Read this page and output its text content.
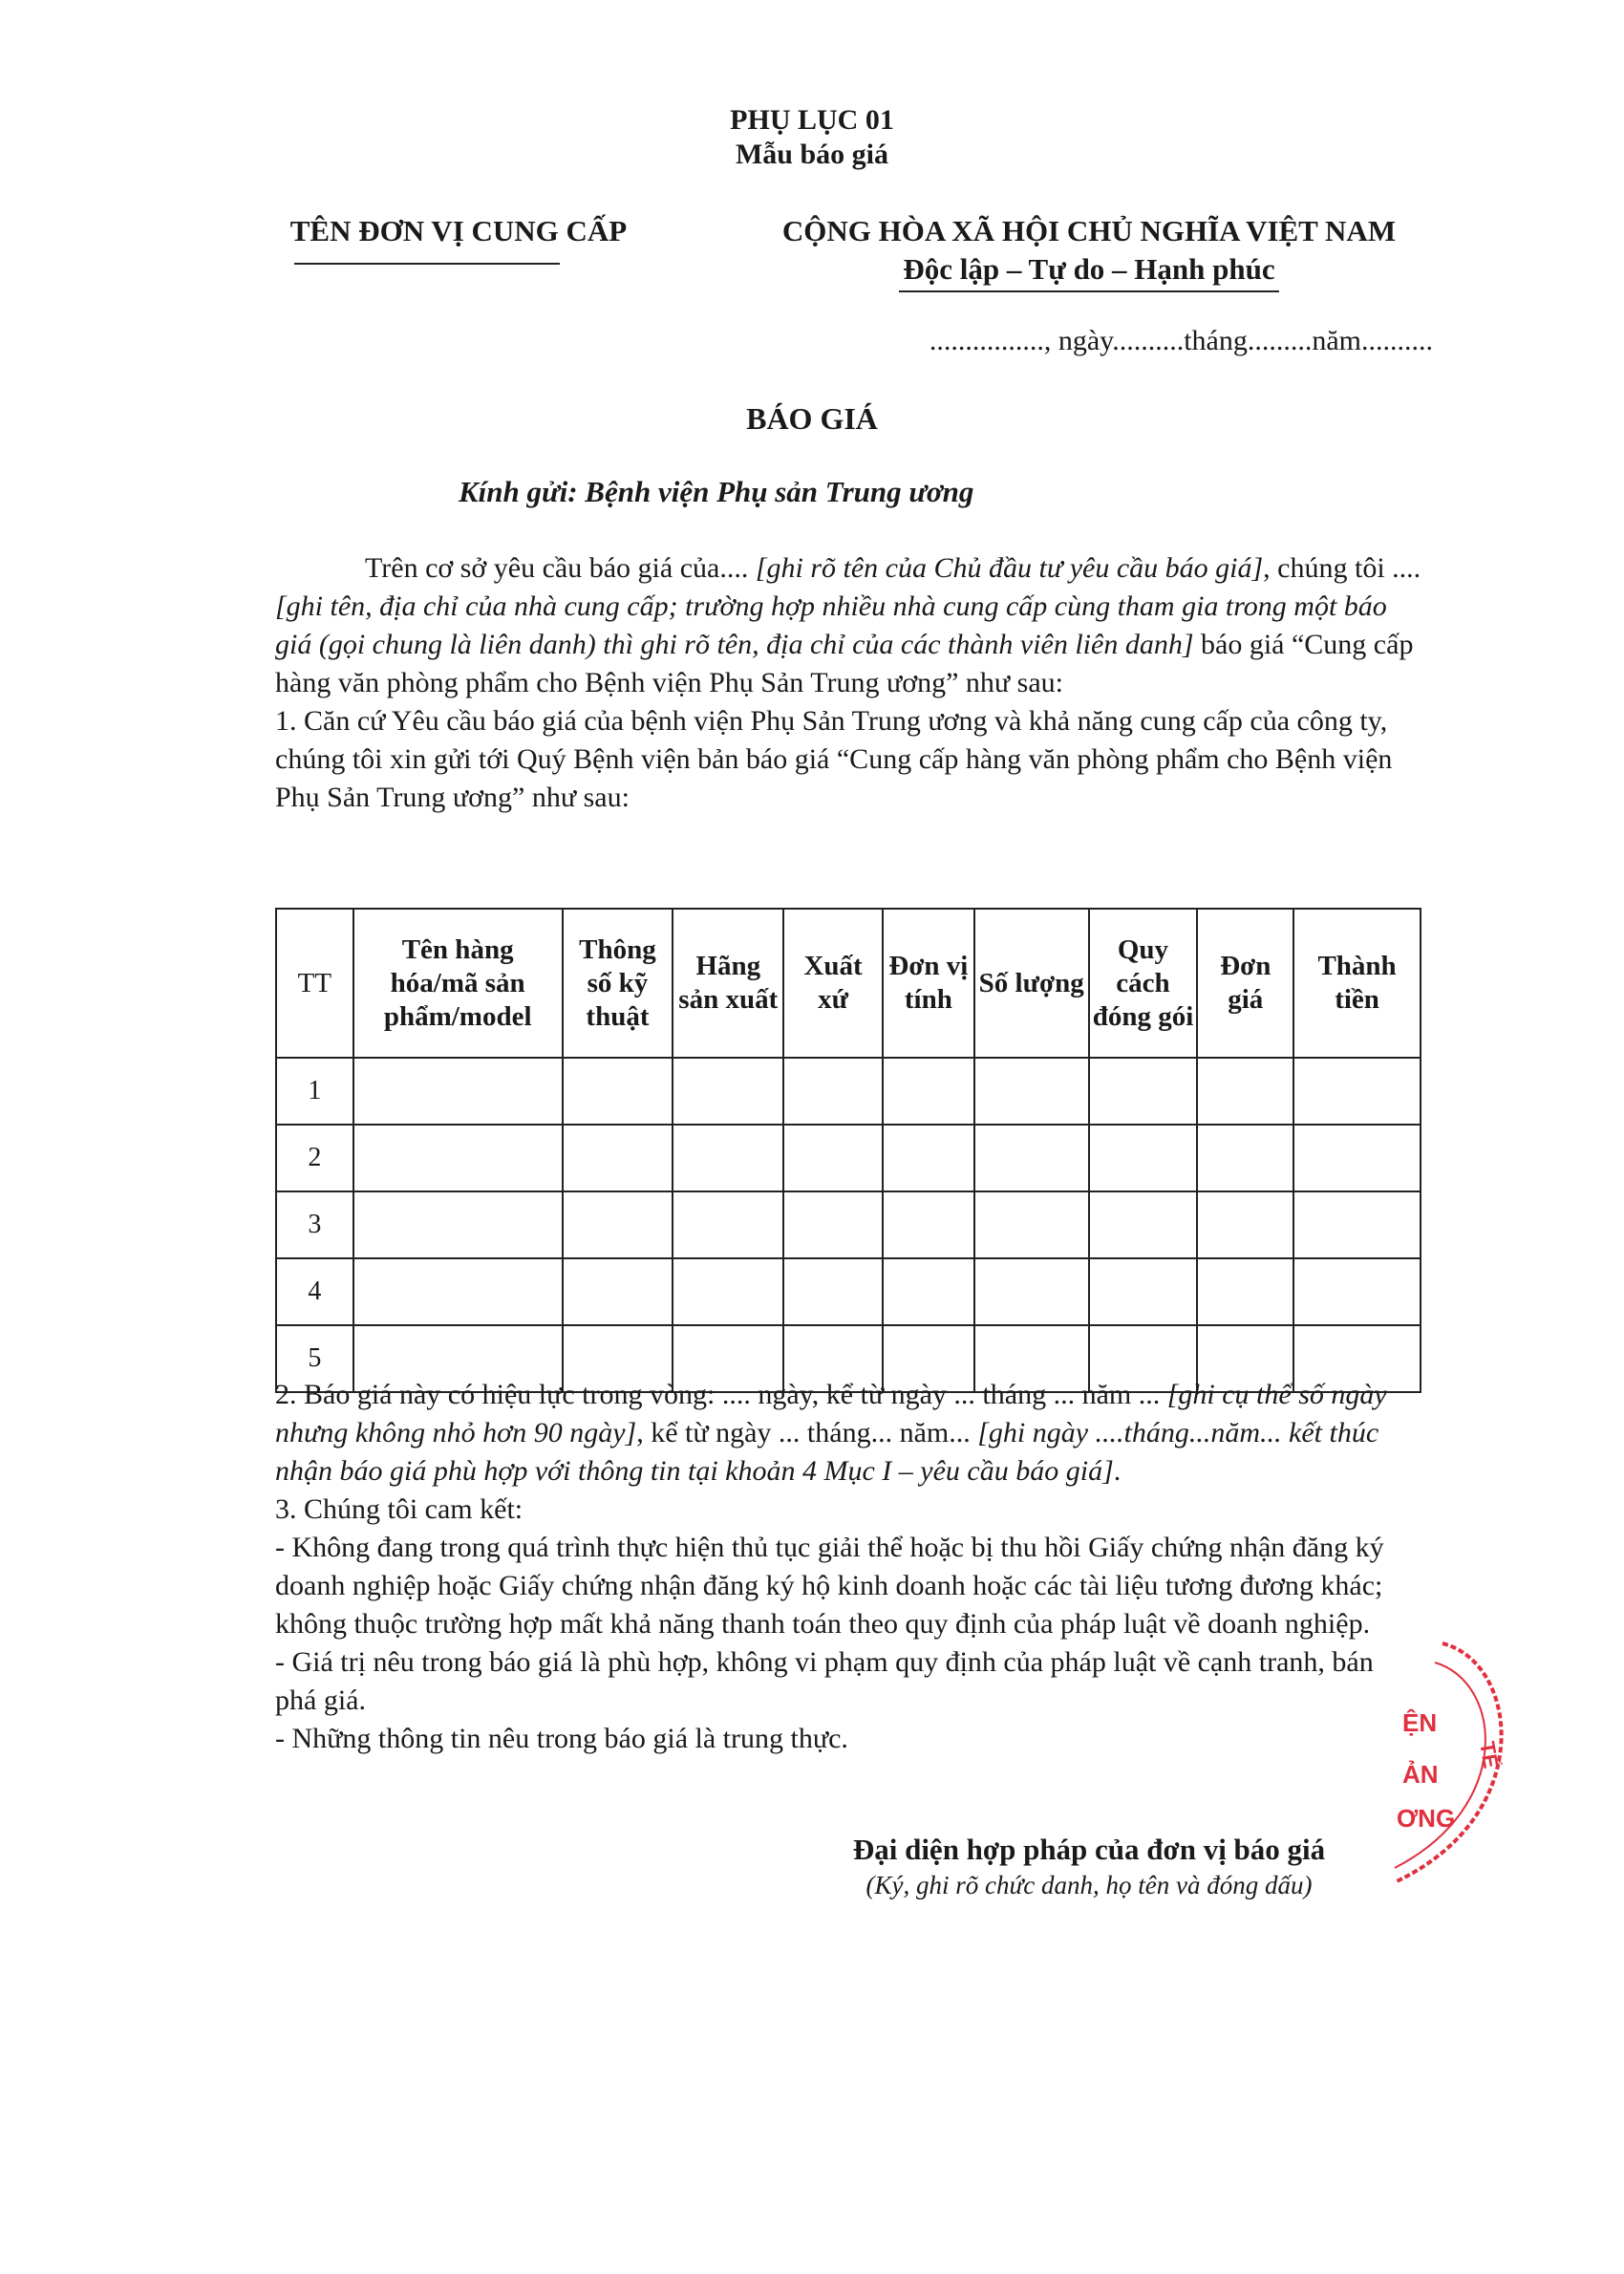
PHỤ LỤC 01
Mẫu báo giá
TÊN ĐƠN VỊ CUNG CẤP	CỘNG HÒA XÃ HỘI CHỦ NGHĨA VIỆT NAM
Độc lập – Tự do – Hạnh phúc
................, ngày..........tháng.........năm..........
BÁO GIÁ
Kính gửi: Bệnh viện Phụ sản Trung ương
Trên cơ sở yêu cầu báo giá của.... [ghi rõ tên của Chủ đầu tư yêu cầu báo giá], chúng tôi .... [ghi tên, địa chỉ của nhà cung cấp; trường hợp nhiều nhà cung cấp cùng tham gia trong một báo giá (gọi chung là liên danh) thì ghi rõ tên, địa chỉ của các thành viên liên danh] báo giá “Cung cấp hàng văn phòng phẩm cho Bệnh viện Phụ Sản Trung ương” như sau:
1. Căn cứ Yêu cầu báo giá của bệnh viện Phụ Sản Trung ương và khả năng cung cấp của công ty, chúng tôi xin gửi tới Quý Bệnh viện bản báo giá “Cung cấp hàng văn phòng phẩm cho Bệnh viện Phụ Sản Trung ương” như sau:
TT	Tên hàng hóa/mã sản phẩm/model	Thông số kỹ thuật	Hãng sản xuất	Xuất xứ	Đơn vị tính	Số lượng	Quy cách đóng gói	Đơn giá	Thành tiền
1									
2									
3									
4									
5									
2. Báo giá này có hiệu lực trong vòng: .... ngày, kể từ ngày ... tháng ... năm ... [ghi cụ thể số ngày nhưng không nhỏ hơn 90 ngày], kể từ ngày ... tháng... năm... [ghi ngày ....tháng...năm... kết thúc nhận báo giá phù hợp với thông tin tại khoản 4 Mục I – yêu cầu báo giá].
3. Chúng tôi cam kết:
- Không đang trong quá trình thực hiện thủ tục giải thể hoặc bị thu hồi Giấy chứng nhận đăng ký doanh nghiệp hoặc Giấy chứng nhận đăng ký hộ kinh doanh hoặc các tài liệu tương đương khác; không thuộc trường hợp mất khả năng thanh toán theo quy định của pháp luật về doanh nghiệp.
- Giá trị nêu trong báo giá là phù hợp, không vi phạm quy định của pháp luật về cạnh tranh, bán phá giá.
- Những thông tin nêu trong báo giá là trung thực.
Đại diện hợp pháp của đơn vị báo giá
(Ký, ghi rõ chức danh, họ tên và đóng dấu)
ỆN
ẢN
ƠNG
TẾ
